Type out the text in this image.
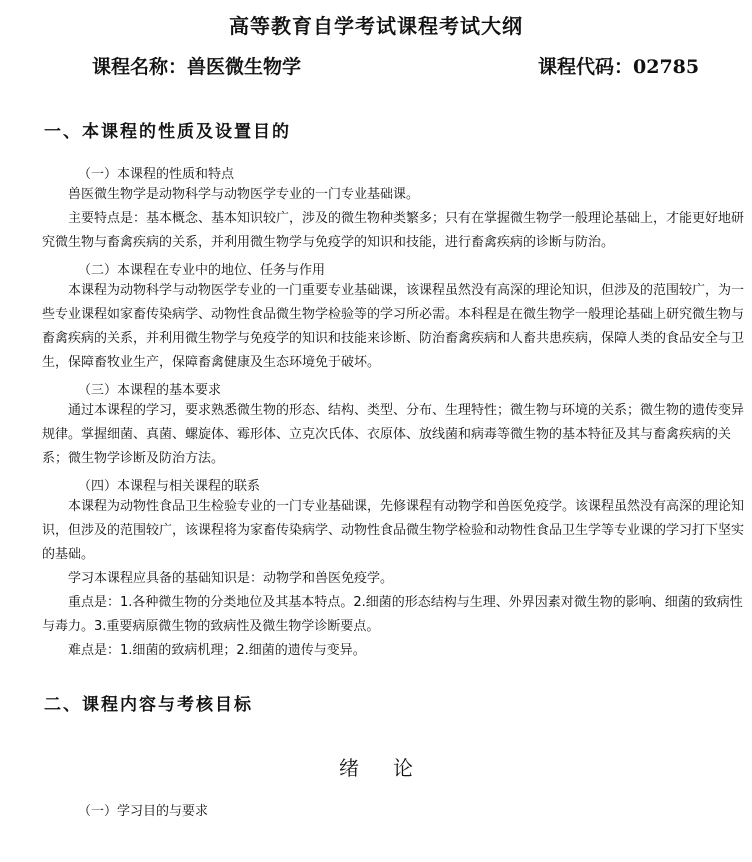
高等教育自学考试课程考试大纲
课程名称：兽医微生物学	课程代码：02785
一、本课程的性质及设置目的
（一）本课程的性质和特点
兽医微生物学是动物科学与动物医学专业的一门专业基础课。
主要特点是：基本概念、基本知识较广，涉及的微生物种类繁多；只有在掌握微生物学一般理论基础上，才能更好地研究微生物与畜禽疾病的关系，并利用微生物学与免疫学的知识和技能，进行畜禽疾病的诊断与防治。
（二）本课程在专业中的地位、任务与作用
本课程为动物科学与动物医学专业的一门重要专业基础课，该课程虽然没有高深的理论知识，但涉及的范围较广，为一些专业课程如家畜传染病学、动物性食品微生物学检验等的学习所必需。本科程是在微生物学一般理论基础上研究微生物与畜禽疾病的关系，并利用微生物学与免疫学的知识和技能来诊断、防治畜禽疾病和人畜共患疾病，保障人类的食品安全与卫生，保障畜牧业生产，保障畜禽健康及生态环境免于破坏。
（三）本课程的基本要求
通过本课程的学习，要求熟悉微生物的形态、结构、类型、分布、生理特性；微生物与环境的关系；微生物的遗传变异规律。掌握细菌、真菌、螺旋体、霉形体、立克次氏体、衣原体、放线菌和病毒等微生物的基本特征及其与畜禽疾病的关系；微生物学诊断及防治方法。
（四）本课程与相关课程的联系
本课程为动物性食品卫生检验专业的一门专业基础课，先修课程有动物学和兽医免疫学。该课程虽然没有高深的理论知识，但涉及的范围较广，该课程将为家畜传染病学、动物性食品微生物学检验和动物性食品卫生学等专业课的学习打下坚实的基础。
学习本课程应具备的基础知识是：动物学和兽医免疫学。
重点是：1.各种微生物的分类地位及其基本特点。2.细菌的形态结构与生理、外界因素对微生物的影响、细菌的致病性与毒力。3.重要病原微生物的致病性及微生物学诊断要点。
难点是：1.细菌的致病机理；2.细菌的遗传与变异。
二、课程内容与考核目标
绪论
（一）学习目的与要求
